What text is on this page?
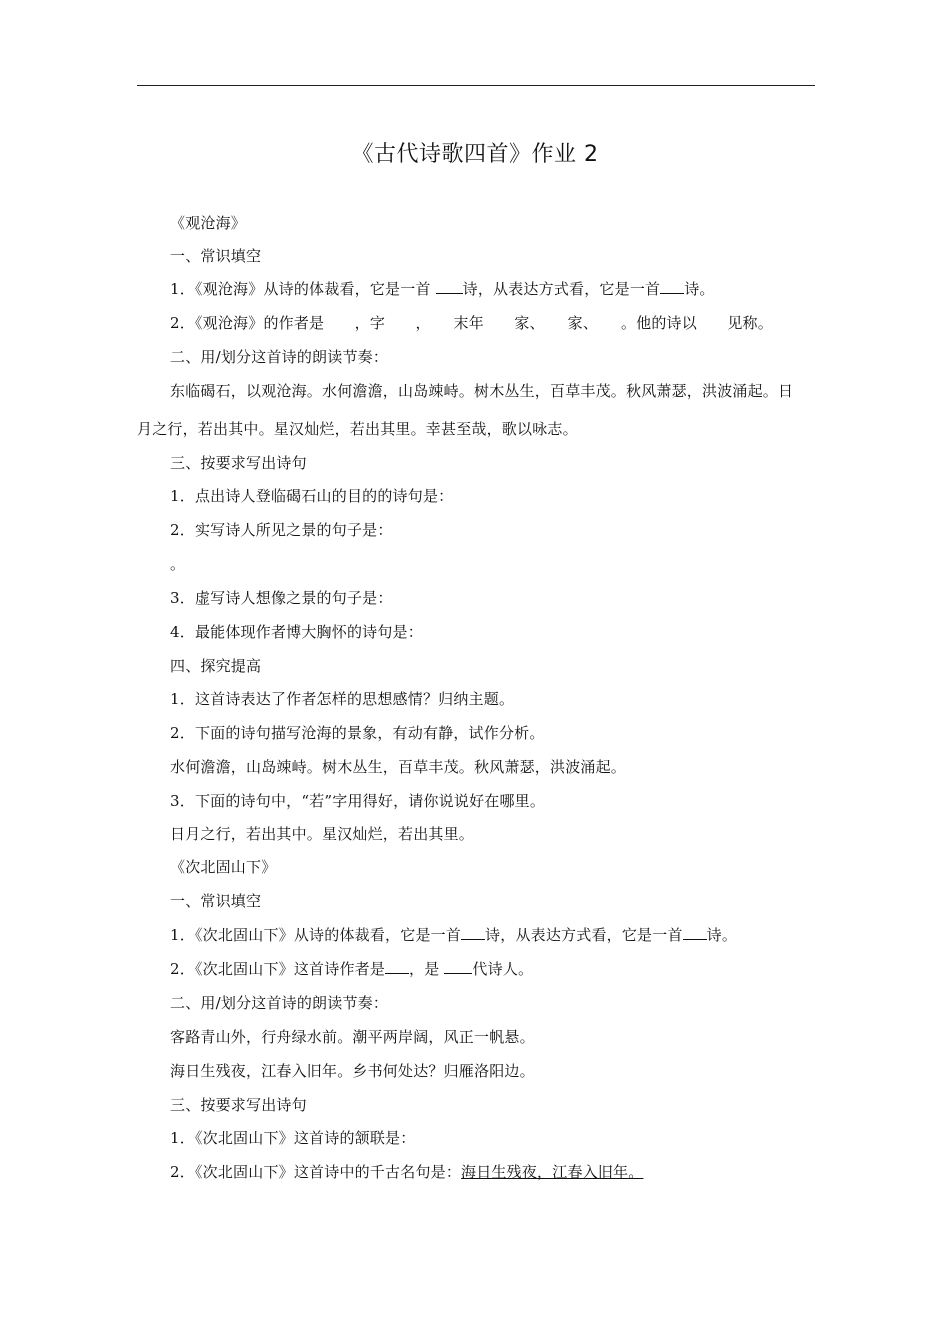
《古代诗歌四首》作业 2
《观沧海》
一、常识填空
1．《观沧海》从诗的体裁看，它是一首 诗，从表达方式看，它是一首 诗。
2．《观沧海》的作者是　　，字　　，　　末年　　家、　　家、　　。他的诗以　　见称。
二、用/划分这首诗的朗读节奏：
东临碣石，以观沧海。水何澹澹，山岛竦峙。树木丛生，百草丰茂。秋风萧瑟，洪波涌起。日
月之行，若出其中。星汉灿烂，若出其里。幸甚至哉，歌以咏志。
三、按要求写出诗句
1．点出诗人登临碣石山的目的的诗句是：
2．实写诗人所见之景的句子是：
。
3．虚写诗人想像之景的句子是：
4．最能体现作者博大胸怀的诗句是：
四、探究提高
1．这首诗表达了作者怎样的思想感情？归纳主题。
2．下面的诗句描写沧海的景象，有动有静，试作分析。
水何澹澹，山岛竦峙。树木丛生，百草丰茂。秋风萧瑟，洪波涌起。
3．下面的诗句中，“若”字用得好，请你说说好在哪里。
日月之行，若出其中。星汉灿烂，若出其里。
《次北固山下》
一、常识填空
1．《次北固山下》从诗的体裁看，它是一首 诗，从表达方式看，它是一首 诗。
2．《次北固山下》这首诗作者是 ，是 代诗人。
二、用/划分这首诗的朗读节奏：
客路青山外，行舟绿水前。潮平两岸阔，风正一帆悬。
海日生残夜，江春入旧年。乡书何处达？归雁洛阳边。
三、按要求写出诗句
1．《次北固山下》这首诗的颔联是：
2．《次北固山下》这首诗中的千古名句是：海日生残夜，江春入旧年。
